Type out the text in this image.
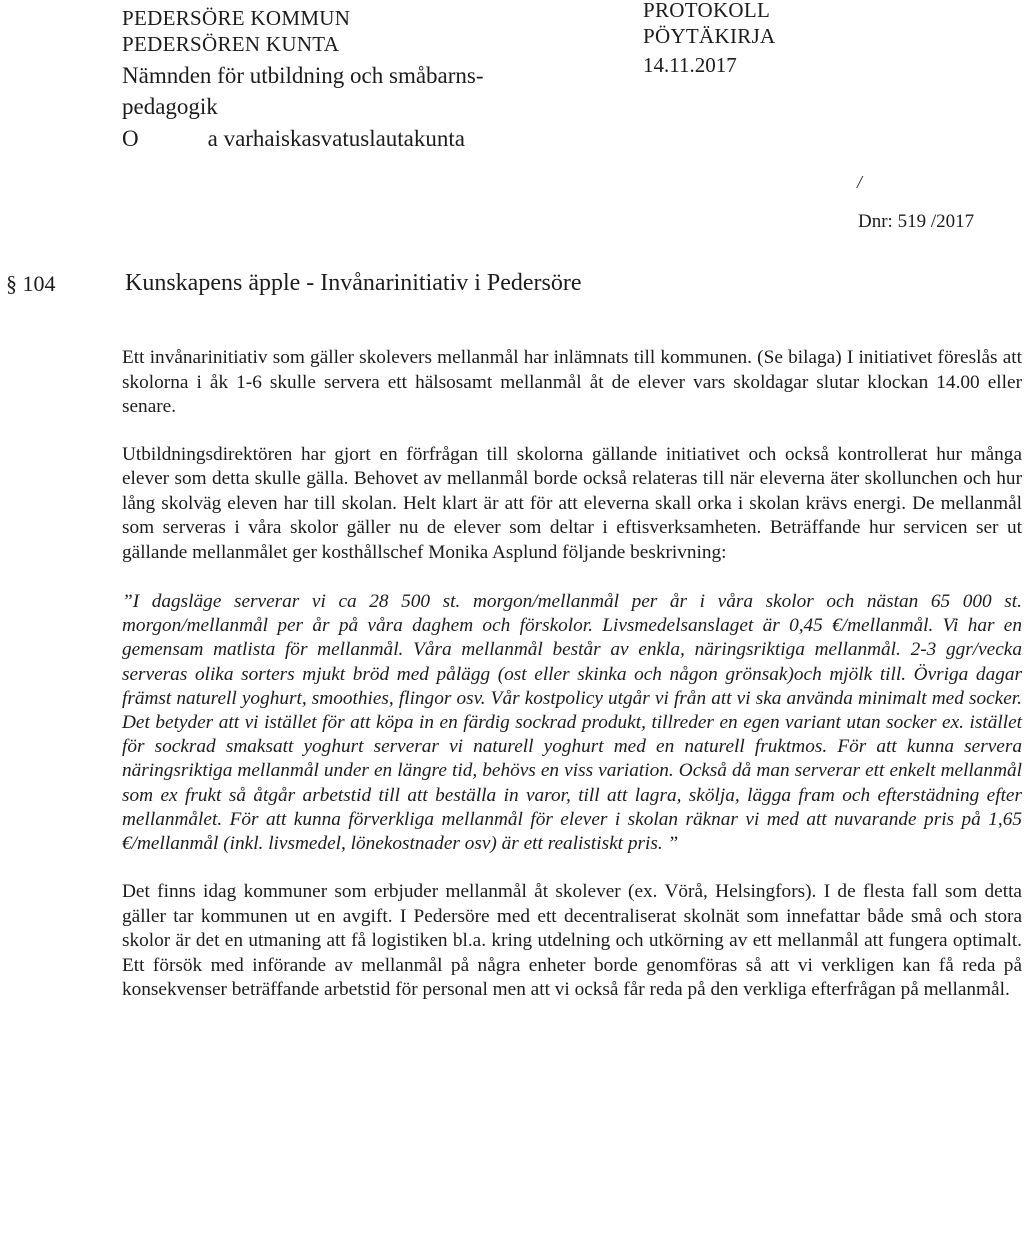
PEDERSÖRE KOMMUN
PEDERSÖREN KUNTA
Nämnden för utbildning och småbarns-
pedagogik
O            a varhaiskasvatuslautakunta
PROTOKOLL
PÖYTÄKIRJA
14.11.2017
/
Dnr: 519 /2017
§ 104	Kunskapens äpple - Invånarinitiativ i Pedersöre

Ett invånarinitiativ som gäller skolevers mellanmål har inlämnats till kommunen. (Se bilaga) I initiativet föreslås att skolorna i åk 1-6 skulle servera ett hälsosamt mellanmål åt de elever vars skoldagar slutar klockan 14.00 eller senare.

Utbildningsdirektören har gjort en förfrågan till skolorna gällande initiativet och också kontrollerat hur många elever som detta skulle gälla. Behovet av mellanmål borde också relateras till när eleverna äter skollunchen och hur lång skolväg eleven har till skolan. Helt klart är att för att eleverna skall orka i skolan krävs energi. De mellanmål som serveras i våra skolor gäller nu de elever som deltar i eftisverksamheten. Beträffande hur servicen ser ut gällande mellanmålet ger kosthållschef Monika Asplund följande beskrivning:

”I dagsläge serverar vi ca 28 500 st. morgon/mellanmål per år i våra skolor och nästan 65 000 st. morgon/mellanmål per år på våra daghem och förskolor. Livsmedelsanslaget är 0,45 €/mellanmål. Vi har en gemensam matlista för mellanmål. Våra mellanmål består av enkla, näringsriktiga mellanmål. 2-3 ggr/vecka serveras olika sorters mjukt bröd med pålägg (ost eller skinka och någon grönsak)och mjölk till. Övriga dagar främst naturell yoghurt, smoothies, flingor osv. Vår kostpolicy utgår vi från att vi ska använda minimalt med socker. Det betyder att vi istället för att köpa in en färdig sockrad produkt, tillreder en egen variant utan socker ex. istället för sockrad smaksatt yoghurt serverar vi naturell yoghurt med en naturell fruktmos. För att kunna servera näringsriktiga mellanmål under en längre tid, behövs en viss variation. Också då man serverar ett enkelt mellanmål som ex frukt så åtgår arbetstid till att beställa in varor, till att lagra, skölja, lägga fram och efterstädning efter mellanmålet. För att kunna förverkliga mellanmål för elever i skolan räknar vi med att nuvarande pris på 1,65 €/mellanmål (inkl. livsmedel, lönekostnader osv) är ett realistiskt pris. ”

Det finns idag kommuner som erbjuder mellanmål åt skolever (ex. Vörå, Helsingfors). I de flesta fall som detta gäller tar kommunen ut en avgift. I Pedersöre med ett decentraliserat skolnät som innefattar både små och stora skolor är det en utmaning att få logistiken bl.a. kring utdelning och utkörning av ett mellanmål att fungera optimalt. Ett försök med införande av mellanmål på några enheter borde genomföras så att vi verkligen kan få reda på konsekvenser beträffande arbetstid för personal men att vi också får reda på den verkliga efterfrågan på mellanmål.
